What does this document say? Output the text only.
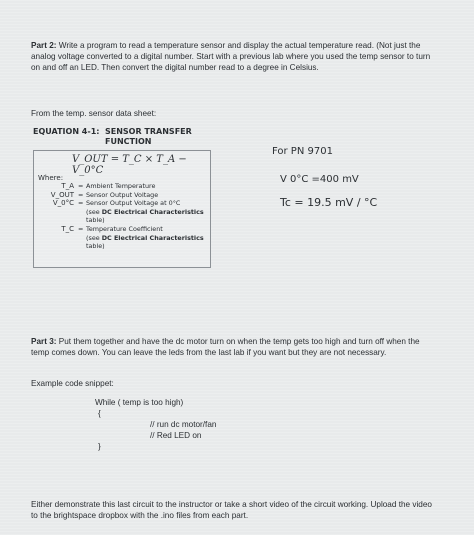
Part 2: Write a program to read a temperature sensor and display the actual temperature read. (Not just the analog voltage converted to a digital number. Start with a previous lab where you used the temp sensor to turn on and off an LED. Then convert the digital number read to a degree in Celsius.
From the temp. sensor data sheet:
EQUATION 4-1: SENSOR TRANSFER
FUNCTION
V_OUT = T_C × T_A − V_0°C
Where:
T_A = Ambient Temperature
V_OUT = Sensor Output Voltage
V_0°C = Sensor Output Voltage at 0°C
(see DC Electrical Characteristics
table)
T_C = Temperature Coefficient
(see DC Electrical Characteristics
table)
For PN 9701
V 0°C =400 mV
Tc = 19.5 mV / °C
Part 3: Put them together and have the dc motor turn on when the temp gets too high and turn off when the temp comes down. You can leave the leds from the last lab if you want but they are not necessary.
Example code snippet:
While ( temp is too high)
{
// run dc motor/fan
// Red LED on
}
Either demonstrate this last circuit to the instructor or take a short video of the circuit working. Upload the video to the brightspace dropbox with the .ino files from each part.
